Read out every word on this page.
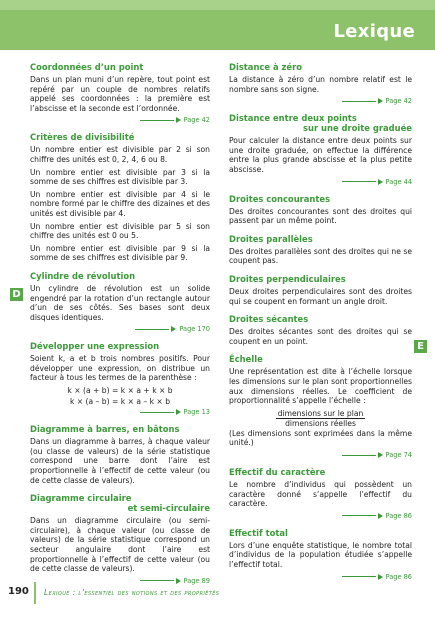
Lexique
D
E
Coordonnées d’un point

Dans un plan muni d’un repère, tout point est repéré par un couple de nombres relatifs appelé ses coordonnées : la première est l’abscisse et la seconde est l’ordonnée.

Page 42
Critères de divisibilité

Un nombre entier est divisible par 2 si son chiffre des unités est 0, 2, 4, 6 ou 8.

Un nombre entier est divisible par 3 si la somme de ses chiffres est divisible par 3.

Un nombre entier est divisible par 4 si le nombre formé par le chiffre des dizaines et des unités est divisible par 4.

Un nombre entier est divisible par 5 si son chiffre des unités est 0 ou 5.

Un nombre entier est divisible par 9 si la somme de ses chiffres est divisible par 9.

Cylindre de révolution

Un cylindre de révolution est un solide engendré par la rotation d’un rectangle autour d’un de ses côtés. Ses bases sont deux disques identiques.

Page 170
Développer une expression

Soient k, a et b trois nombres positifs. Pour développer une expression, on distribue un facteur à tous les termes de la parenthèse :

k × (a + b) = k × a + k × b
k × (a – b) = k × a – k × b
Page 13
Diagramme à barres, en bâtons

Dans un diagramme à barres, à chaque valeur (ou classe de valeurs) de la série statistique correspond une barre dont l’aire est proportionnelle à l’effectif de cette valeur (ou de cette classe de valeurs).

Diagramme circulaire
et semi-circulaire

Dans un diagramme circulaire (ou semi-circulaire), à chaque valeur (ou classe de valeurs) de la série statistique correspond un secteur angulaire dont l’aire est proportionnelle à l’effectif de cette valeur (ou de cette classe de valeurs).

Page 89
Distance à zéro

La distance à zéro d’un nombre relatif est le nombre sans son signe.

Page 42
Distance entre deux points
sur une droite graduée

Pour calculer la distance entre deux points sur une droite graduée, on effectue la différence entre la plus grande abscisse et la plus petite abscisse.

Page 44
Droites concourantes

Des droites concourantes sont des droites qui passent par un même point.

Droites parallèles

Des droites parallèles sont des droites qui ne se coupent pas.

Droites perpendiculaires

Deux droites perpendiculaires sont des droites qui se coupent en formant un angle droit.

Droites sécantes

Des droites sécantes sont des droites qui se coupent en un point.

Échelle

Une représentation est dite à l’échelle lorsque les dimensions sur le plan sont proportionnelles aux dimensions réelles. Le coefficient de proportionnalité s’appelle l’échelle :

dimensions sur le plan
dimensions réelles

(Les dimensions sont exprimées dans la même unité.)

Page 74
Effectif du caractère

Le nombre d’individus qui possèdent un caractère donné s’appelle l’effectif du caractère.

Page 86
Effectif total

Lors d’une enquête statistique, le nombre total d’individus de la population étudiée s’appelle l’effectif total.

Page 86
190 Lexique : l’essentiel des notions et des propriétés
